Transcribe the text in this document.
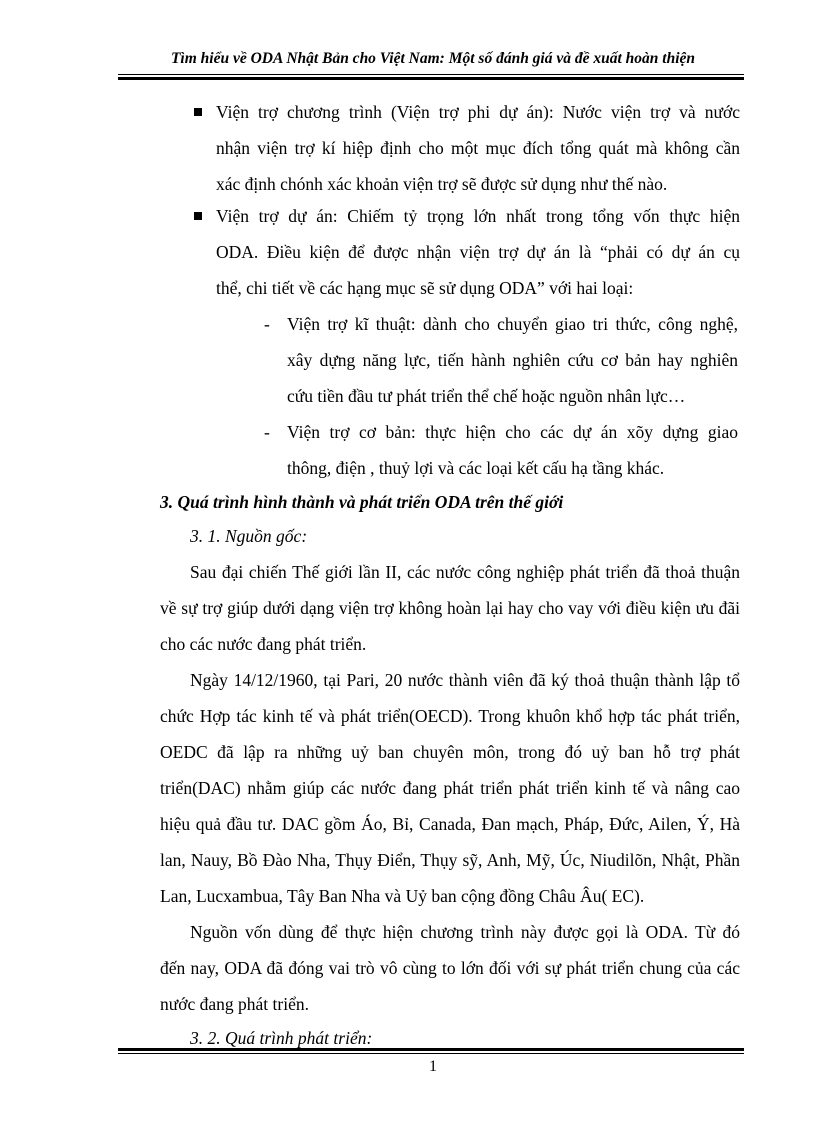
Tìm hiểu về ODA Nhật Bản cho Việt Nam: Một số đánh giá và đề xuất hoàn thiện
Viện trợ chương trình (Viện trợ phi dự án): Nước viện trợ và nước
nhận viện trợ kí hiệp định cho một mục đích tổng quát mà không cần
xác định chónh xác khoản viện trợ sẽ được sử dụng như thế nào.
Viện trợ dự án: Chiếm tỷ trọng lớn nhất trong tổng vốn thực hiện
ODA. Điều kiện để được nhận viện trợ dự án là “phải có dự án cụ
thể, chi tiết về các hạng mục sẽ sử dụng ODA” với hai loại:
- Viện trợ kĩ thuật: dành cho chuyển giao tri thức, công nghệ,
xây dựng năng lực, tiến hành nghiên cứu cơ bản hay nghiên
cứu tiền đầu tư phát triển thể chế hoặc nguồn nhân lực…
- Viện trợ cơ bản: thực hiện cho các dự án xõy dựng giao
thông, điện , thuỷ lợi và các loại kết cấu hạ tầng khác.
3. Quá trình hình thành và phát triển ODA trên thế giới
3. 1. Nguồn gốc:
Sau đại chiến Thế giới lần II, các nước công nghiệp phát triển đã thoả thuận
về sự trợ giúp dưới dạng viện trợ không hoàn lại hay cho vay với điều kiện ưu đãi
cho các nước đang phát triển.
Ngày 14/12/1960, tại Pari, 20 nước thành viên đã ký thoả thuận thành lập tổ
chức Hợp tác kinh tế và phát triển(OECD). Trong khuôn khổ hợp tác phát triển,
OEDC đã lập ra những uỷ ban chuyên môn, trong đó uỷ ban hỗ trợ phát
triển(DAC) nhằm giúp các nước đang phát triển phát triển kinh tế và nâng cao
hiệu quả đầu tư. DAC gồm Áo, Bỉ, Canada, Đan mạch, Pháp, Đức, Ailen, Ý, Hà
lan, Nauy, Bồ Đào Nha, Thụy Điển, Thụy sỹ, Anh, Mỹ, Úc, Niudilõn, Nhật, Phần
Lan, Lucxambua, Tây Ban Nha và Uỷ ban cộng đồng Châu Âu( EC).
Nguồn vốn dùng để thực hiện chương trình này được gọi là ODA. Từ đó
đến nay, ODA đã đóng vai trò vô cùng to lớn đối với sự phát triển chung của các
nước đang phát triển.
3. 2. Quá trình phát triển:
1
